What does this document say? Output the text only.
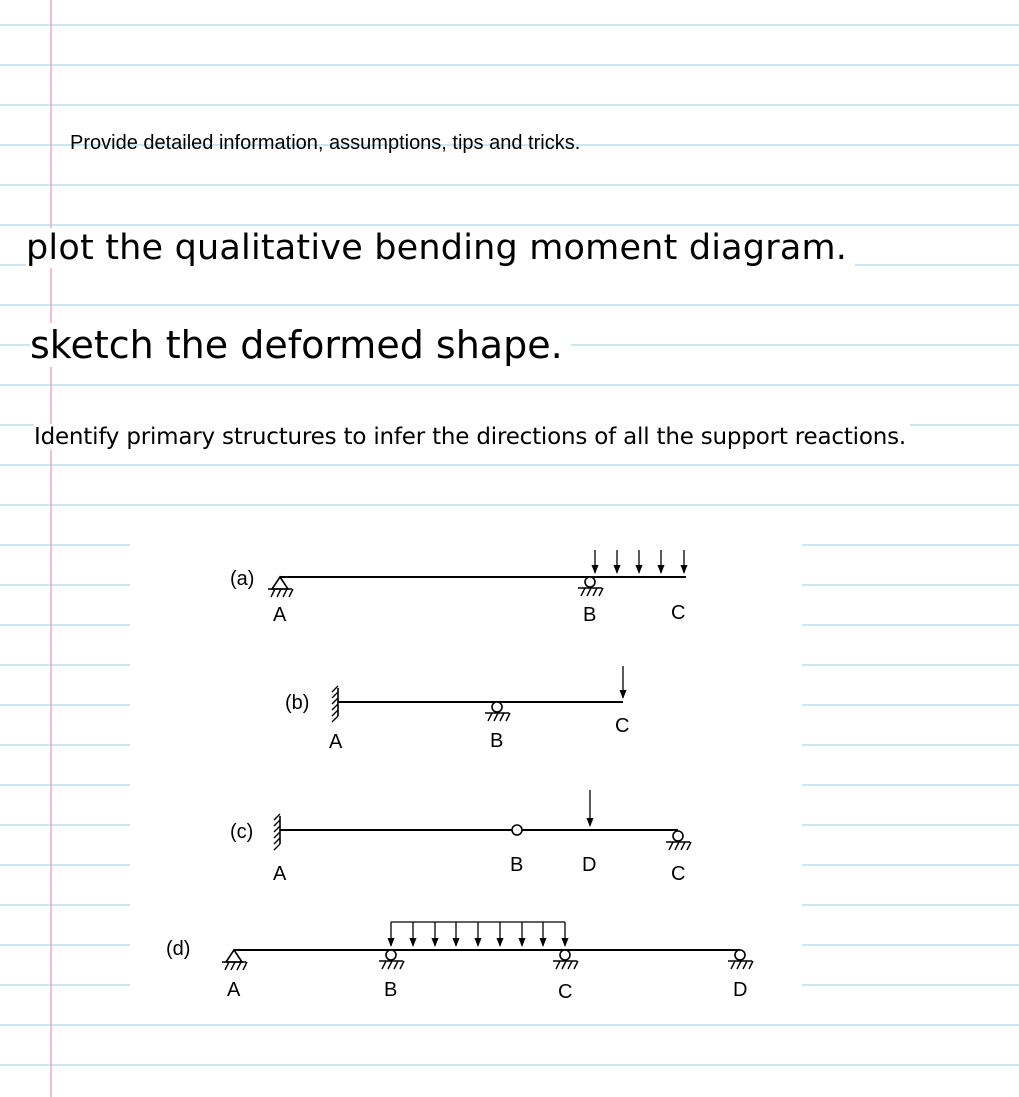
Provide detailed information, assumptions, tips and tricks.
plot the qualitative bending moment diagram.
sketch the deformed shape.
Identify primary structures to infer the directions of all the support reactions.
(a)
A	B	C
(b)
A	B
C
(c)
A	B	D	C
(d)
A	B	C	D
